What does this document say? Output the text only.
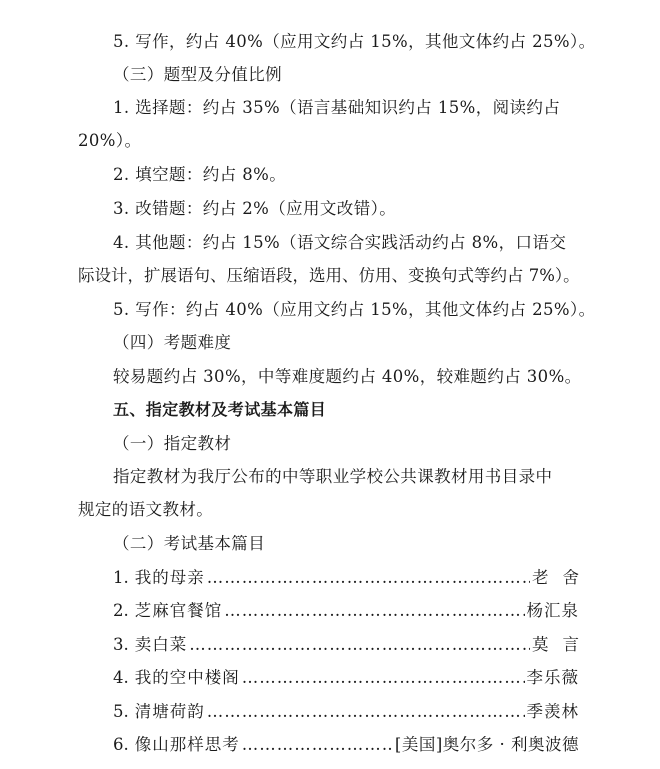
5. 写作，约占 40%（应用文约占 15%，其他文体约占 25%）。
（三）题型及分值比例
1. 选择题：约占 35%（语言基础知识约占 15%，阅读约占
20%）。
2. 填空题：约占 8%。
3. 改错题：约占 2%（应用文改错）。
4. 其他题：约占 15%（语文综合实践活动约占 8%，口语交
际设计，扩展语句、压缩语段，选用、仿用、变换句式等约占 7%）。
5. 写作：约占 40%（应用文约占 15%，其他文体约占 25%）。
（四）考题难度
较易题约占 30%，中等难度题约占 40%，较难题约占 30%。
五、指定教材及考试基本篇目
（一）指定教材
指定教材为我厅公布的中等职业学校公共课教材用书目录中
规定的语文教材。
（二）考试基本篇目
1. 我的母亲 ……………………………………………………………………………………………………	老舍
2. 芝麻官餐馆 ……………………………………………………………………………………………………	杨汇泉
3. 卖白菜 ……………………………………………………………………………………………………	莫言
4. 我的空中楼阁 ……………………………………………………………………………………………………	李乐薇
5. 清塘荷韵 ……………………………………………………………………………………………………	季羡林
6. 像山那样思考 ……………………………………………………………………………………………………	[美国]奥尔多 · 利奥波德
